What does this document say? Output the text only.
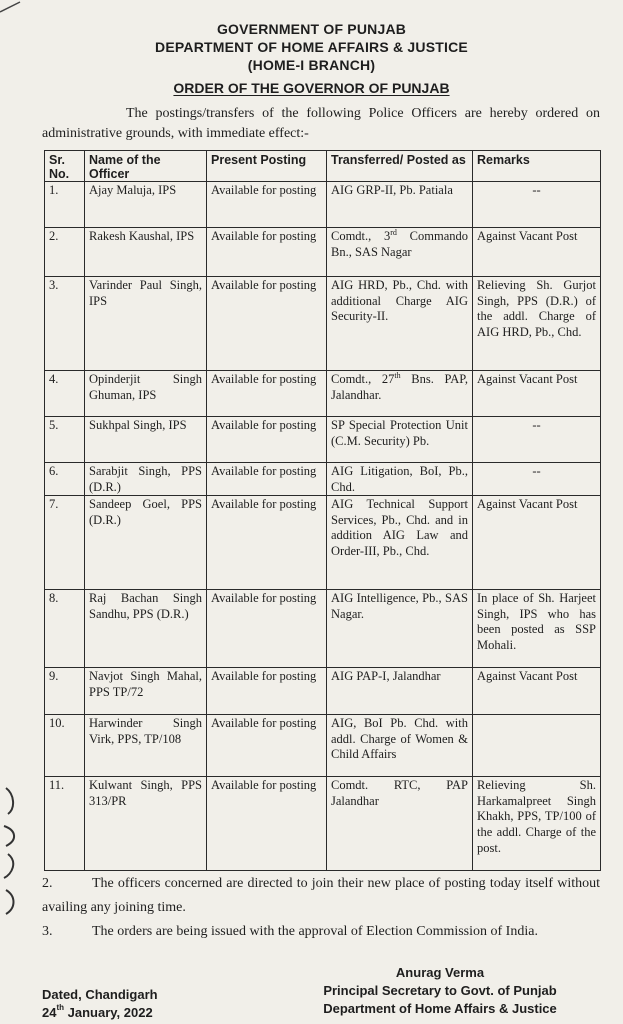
GOVERNMENT OF PUNJAB
DEPARTMENT OF HOME AFFAIRS & JUSTICE
(HOME-I BRANCH)
ORDER OF THE GOVERNOR OF PUNJAB
The postings/transfers of the following Police Officers are hereby ordered on administrative grounds, with immediate effect:-
Sr. No.	Name of the Officer	Present Posting	Transferred/ Posted as	Remarks
1.	Ajay Maluja, IPS	Available for posting	AIG GRP-II, Pb. Patiala	--
2.	Rakesh Kaushal, IPS	Available for posting	Comdt., 3rd Commando Bn., SAS Nagar	Against Vacant Post
3.	Varinder Paul Singh, IPS	Available for posting	AIG HRD, Pb., Chd. with additional Charge AIG Security-II.	Relieving Sh. Gurjot Singh, PPS (D.R.) of the addl. Charge of AIG HRD, Pb., Chd.
4.	Opinderjit Singh Ghuman, IPS	Available for posting	Comdt., 27th Bns. PAP, Jalandhar.	Against Vacant Post
5.	Sukhpal Singh, IPS	Available for posting	SP Special Protection Unit (C.M. Security) Pb.	--
6.	Sarabjit Singh, PPS (D.R.)	Available for posting	AIG Litigation, BoI, Pb., Chd.	--
7.	Sandeep Goel, PPS (D.R.)	Available for posting	AIG Technical Support Services, Pb., Chd. and in addition AIG Law and Order-III, Pb., Chd.	Against Vacant Post
8.	Raj Bachan Singh Sandhu, PPS (D.R.)	Available for posting	AIG Intelligence, Pb., SAS Nagar.	In place of Sh. Harjeet Singh, IPS who has been posted as SSP Mohali.
9.	Navjot Singh Mahal, PPS TP/72	Available for posting	AIG PAP-I, Jalandhar	Against Vacant Post
10.	Harwinder Singh Virk, PPS, TP/108	Available for posting	AIG, BoI Pb. Chd. with addl. Charge of Women & Child Affairs	
11.	Kulwant Singh, PPS 313/PR	Available for posting	Comdt. RTC, PAP Jalandhar	Relieving Sh. Harkamalpreet Singh Khakh, PPS, TP/100 of the addl. Charge of the post.
2.	The officers concerned are directed to join their new place of posting today itself without availing any joining time.
3.	The orders are being issued with the approval of Election Commission of India.
Anurag Verma
Principal Secretary to Govt. of Punjab
Department of Home Affairs & Justice
Dated, Chandigarh
24th January, 2022
